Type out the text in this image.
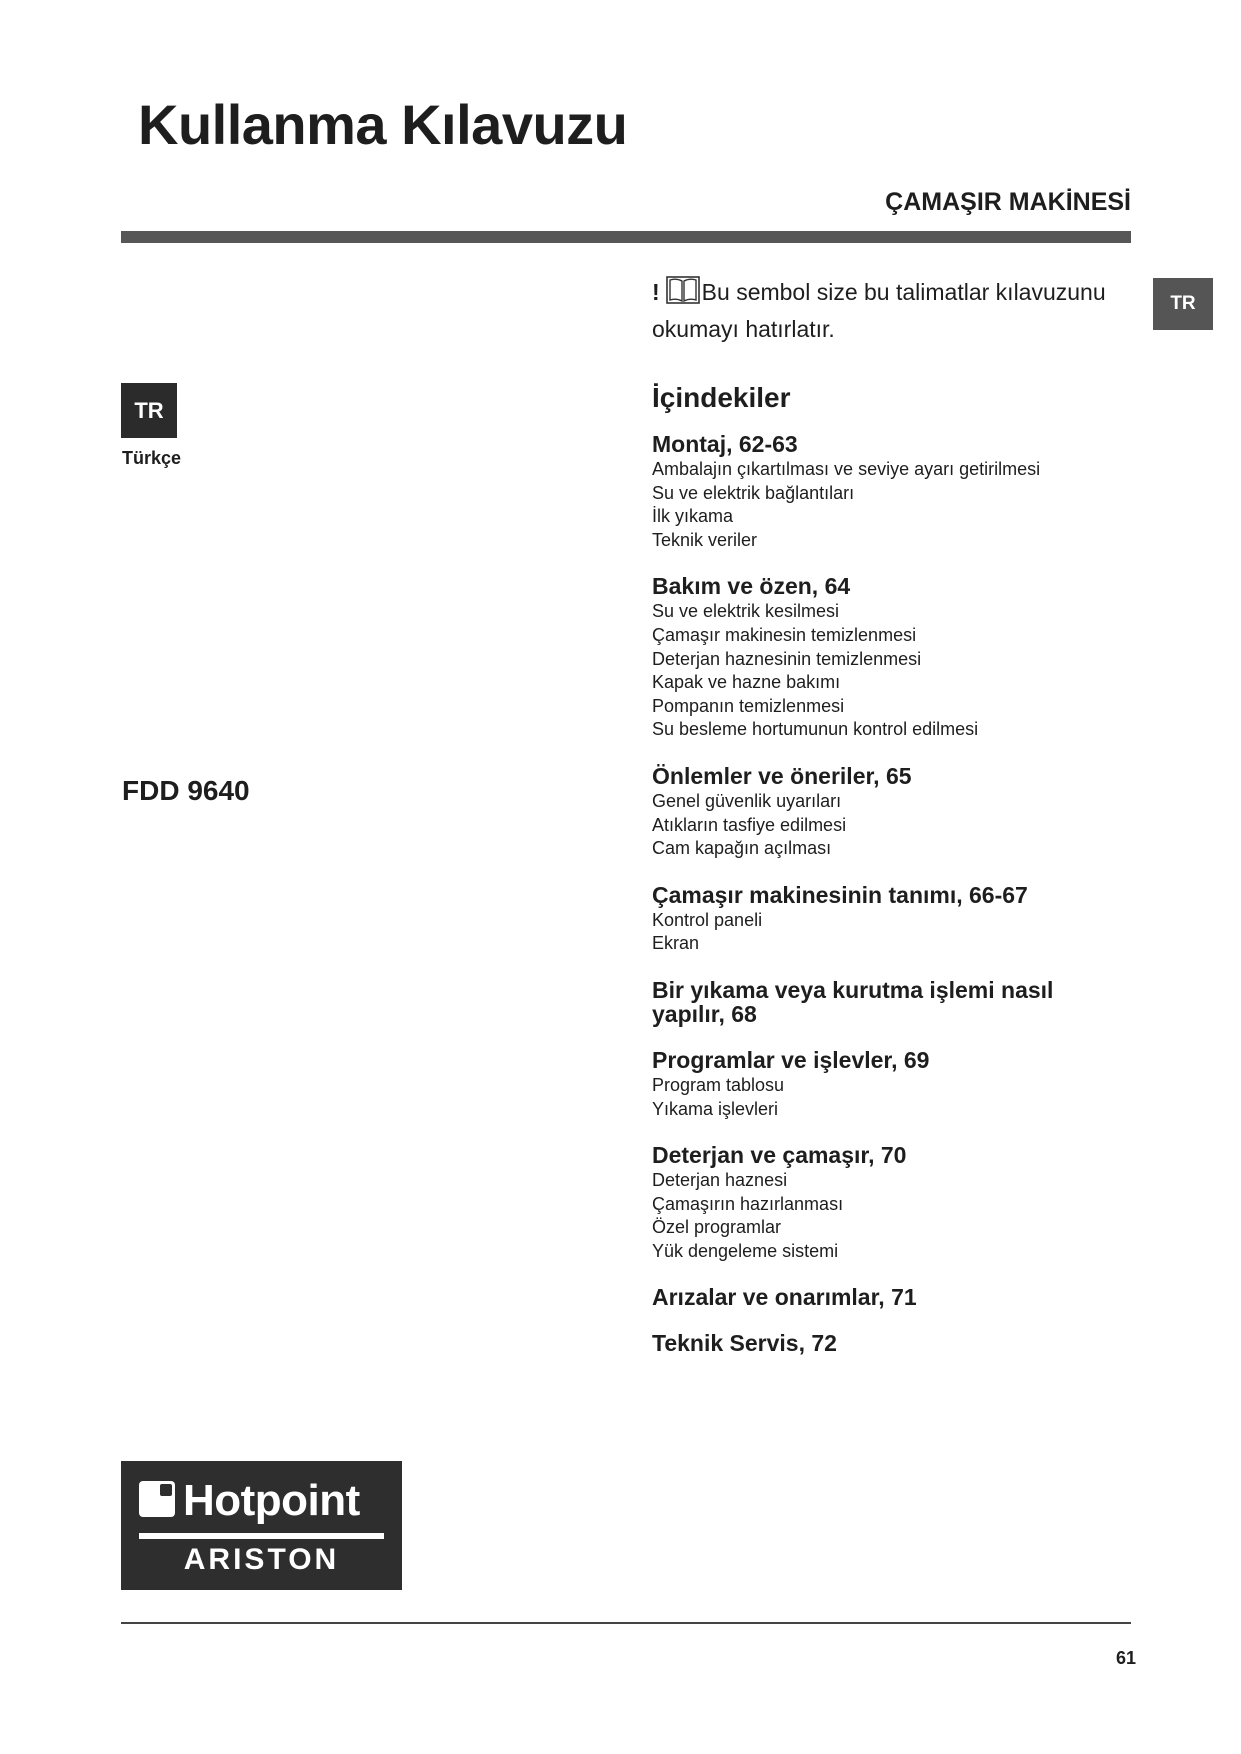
Kullanma Kılavuzu
ÇAMAŞIR MAKİNESİ
TR
TR
Türkçe
FDD 9640
! Bu sembol size bu talimatlar kılavuzunu okumayı hatırlatır.
İçindekiler
Montaj, 62-63
Ambalajın çıkartılması ve seviye ayarı getirilmesi
Su ve elektrik bağlantıları
İlk yıkama
Teknik veriler
Bakım ve özen, 64
Su ve elektrik kesilmesi
Çamaşır makinesin temizlenmesi
Deterjan haznesinin temizlenmesi
Kapak ve hazne bakımı
Pompanın temizlenmesi
Su besleme hortumunun kontrol edilmesi
Önlemler ve öneriler, 65
Genel güvenlik uyarıları
Atıkların tasfiye edilmesi
Cam kapağın açılması
Çamaşır makinesinin tanımı, 66-67
Kontrol paneli
Ekran
Bir yıkama veya kurutma işlemi nasıl yapılır, 68
Programlar ve işlevler, 69
Program tablosu
Yıkama işlevleri
Deterjan ve çamaşır, 70
Deterjan haznesi
Çamaşırın hazırlanması
Özel programlar
Yük dengeleme sistemi
Arızalar ve onarımlar, 71
Teknik Servis, 72
Hotpoint
ARISTON
61
